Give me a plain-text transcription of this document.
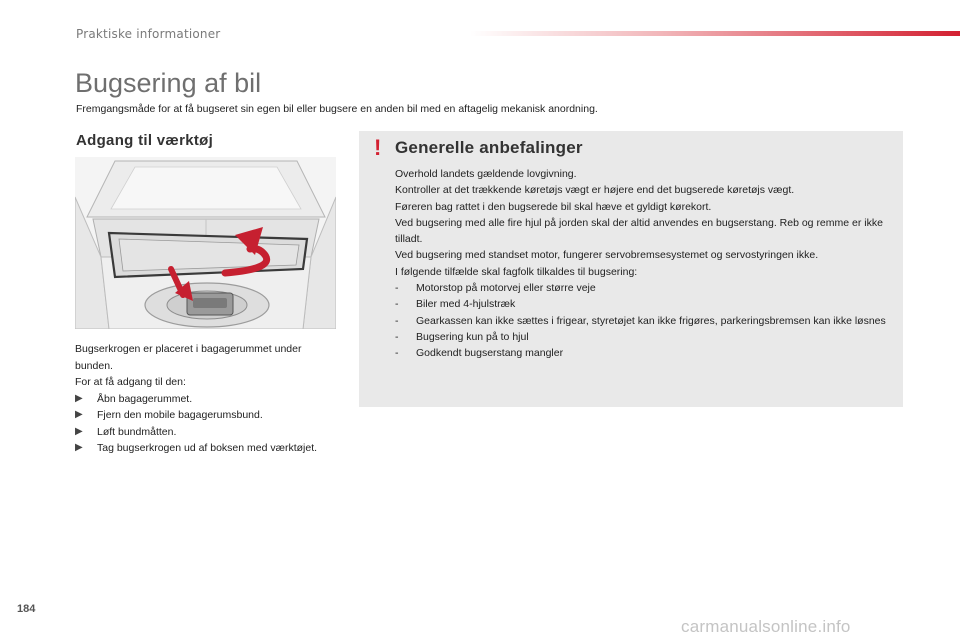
Praktiske informationer
Bugsering af bil

Fremgangsmåde for at få bugseret sin egen bil eller bugsere en anden bil med en aftagelig mekanisk anordning.

Adgang til værktøj

Bugserkrogen er placeret i bagagerummet under bunden.

For at få adgang til den:

▶ Åbn bagagerummet.
▶ Fjern den mobile bagagerumsbund.
▶ Løft bundmåtten.
▶ Tag bugserkrogen ud af boksen med værktøjet.
! Generelle anbefalinger

Overhold landets gældende lovgivning.

Kontroller at det trækkende køretøjs vægt er højere end det bugserede køretøjs vægt.

Føreren bag rattet i den bugserede bil skal hæve et gyldigt kørekort.

Ved bugsering med alle fire hjul på jorden skal der altid anvendes en bugserstang. Reb og remme er ikke tilladt.

Ved bugsering med standset motor, fungerer servobremsesystemet og servostyringen ikke.

I følgende tilfælde skal fagfolk tilkaldes til bugsering:

- Motorstop på motorvej eller større veje
- Biler med 4-hjulstræk
- Gearkassen kan ikke sættes i frigear, styretøjet kan ikke frigøres, parkeringsbremsen kan ikke løsnes
- Bugsering kun på to hjul
- Godkendt bugserstang mangler
184
carmanualsonline.info
